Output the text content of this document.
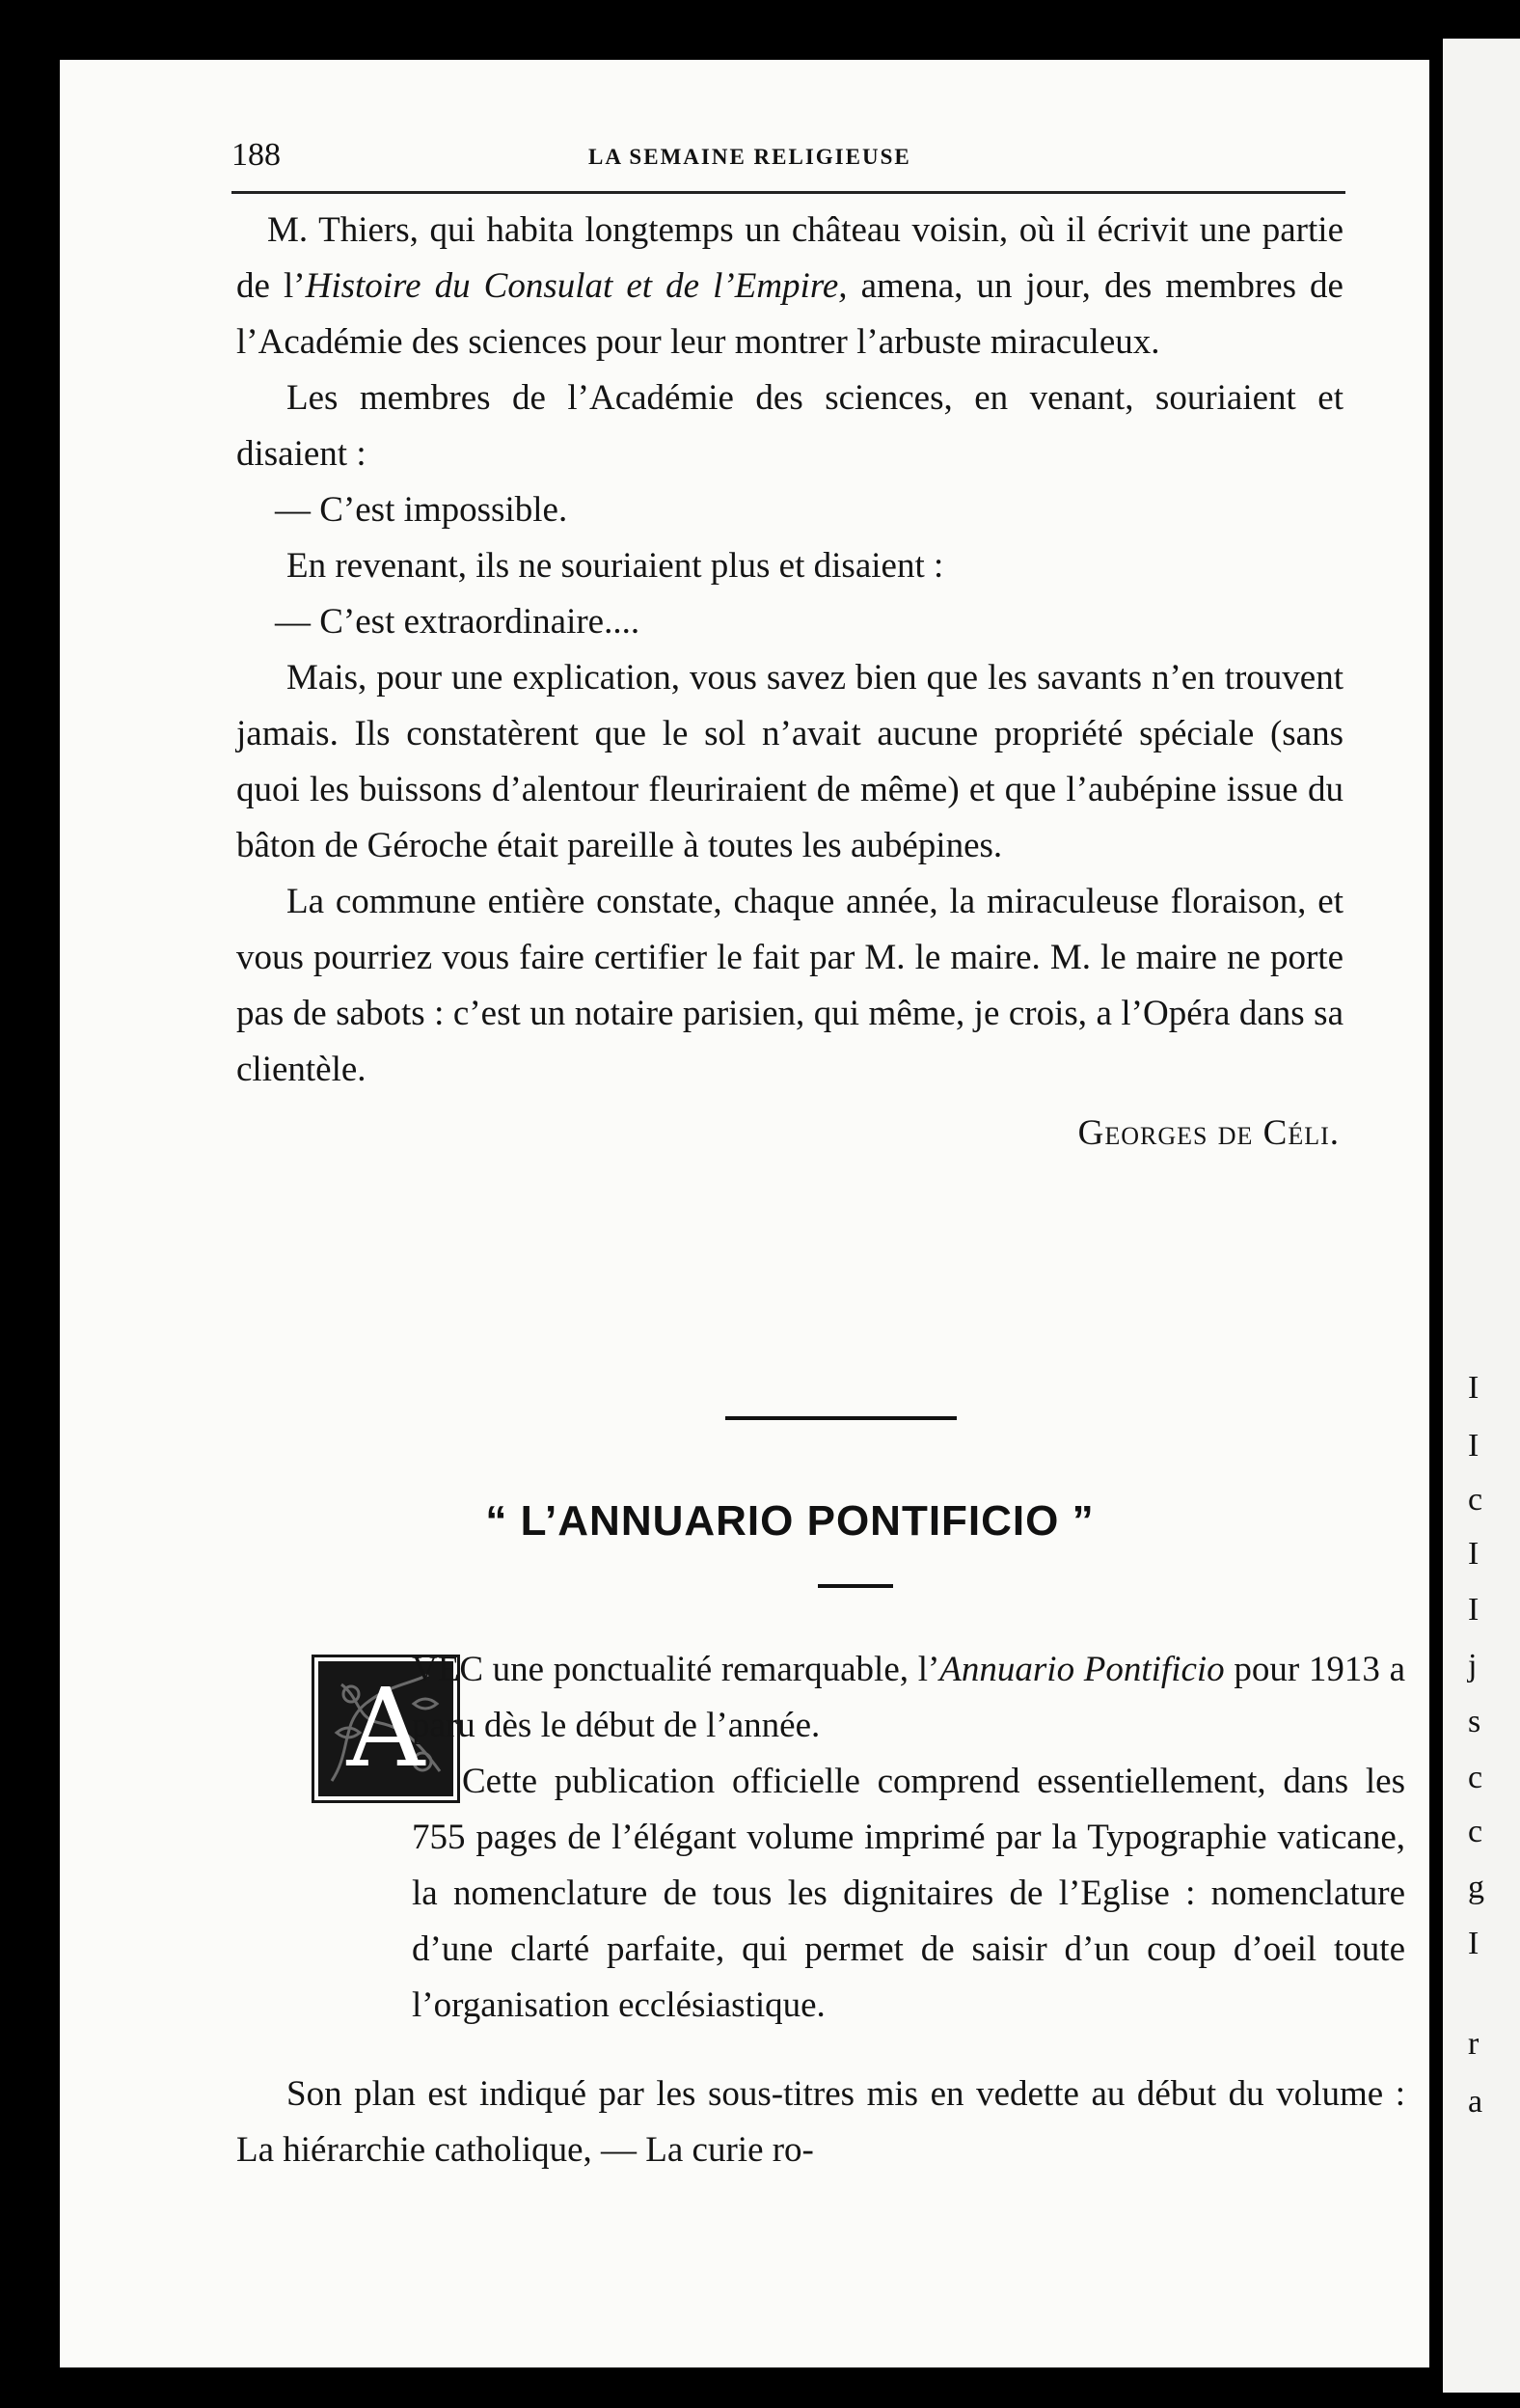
188	LA SEMAINE RELIGIEUSE

M. Thiers, qui habita longtemps un château voisin, où il écrivit une partie de l’Histoire du Consulat et de l’Empire, amena, un jour, des membres de l’Académie des sciences pour leur montrer l’arbuste miraculeux.

Les membres de l’Académie des sciences, en venant, souriaient et disaient :

— C’est impossible.

En revenant, ils ne souriaient plus et disaient :

— C’est extraordinaire....

Mais, pour une explication, vous savez bien que les savants n’en trouvent jamais. Ils constatèrent que le sol n’avait aucune propriété spéciale (sans quoi les buissons d’alentour fleuriraient de même) et que l’aubépine issue du bâton de Géroche était pareille à toutes les aubépines.

La commune entière constate, chaque année, la miraculeuse floraison, et vous pourriez vous faire certifier le fait par M. le maire. M. le maire ne porte pas de sabots : c’est un notaire parisien, qui même, je crois, a l’Opéra dans sa clientèle.

Georges de Céli.

“ L’ANNUARIO PONTIFICIO ”
A
VEC une ponctualité remarquable, l’Annuario Pontificio pour 1913 a paru dès le début de l’année.
Cette publication officielle comprend essentiellement, dans les 755 pages de l’élégant volume imprimé par la Typographie vaticane, la nomenclature de tous les dignitaires de l’Eglise : nomenclature d’une clarté parfaite, qui permet de saisir d’un coup d’oeil toute l’organisation ecclésiastique.

Son plan est indiqué par les sous-titres mis en vedette au début du volume : La hiérarchie catholique, — La curie ro-

I
I
c
I
I
j
s
c
c
g
I
r
a
